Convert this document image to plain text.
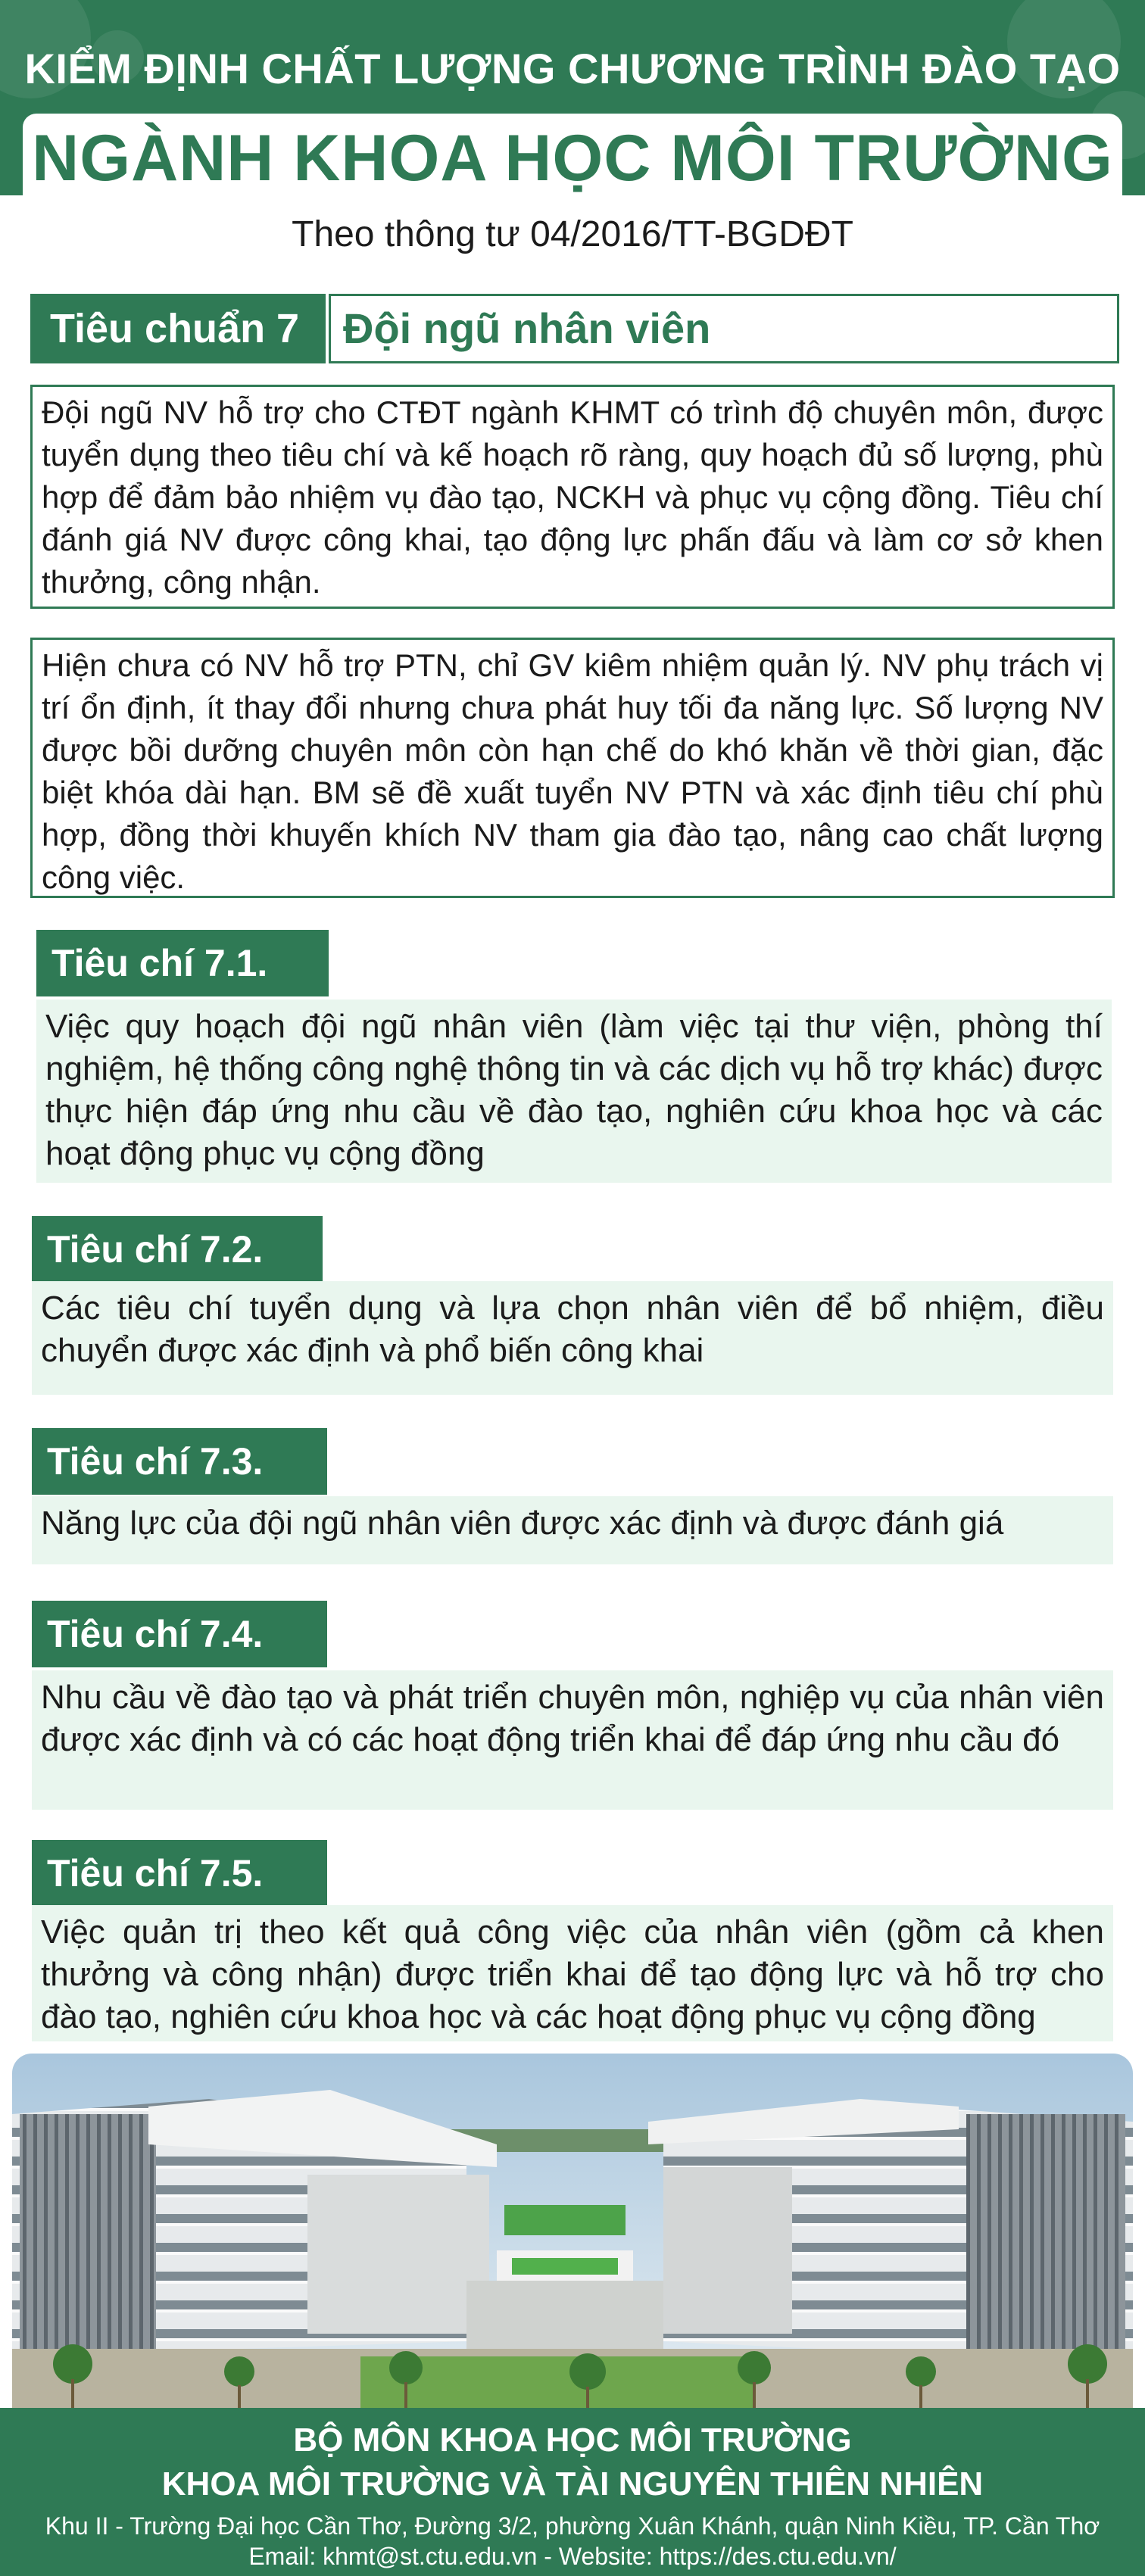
KIỂM ĐỊNH CHẤT LƯỢNG CHƯƠNG TRÌNH ĐÀO TẠO
NGÀNH KHOA HỌC MÔI TRƯỜNG
Theo thông tư 04/2016/TT-BGDĐT
Tiêu chuẩn 7	Đội ngũ nhân viên
Đội ngũ NV hỗ trợ cho CTĐT ngành KHMT có trình độ chuyên môn, được tuyển dụng theo tiêu chí và kế hoạch rõ ràng, quy hoạch đủ số lượng, phù hợp để đảm bảo nhiệm vụ đào tạo, NCKH và phục vụ cộng đồng. Tiêu chí đánh giá NV được công khai, tạo động lực phấn đấu và làm cơ sở khen thưởng, công nhận.
Hiện chưa có NV hỗ trợ PTN, chỉ GV kiêm nhiệm quản lý. NV phụ trách vị trí ổn định, ít thay đổi nhưng chưa phát huy tối đa năng lực. Số lượng NV được bồi dưỡng chuyên môn còn hạn chế do khó khăn về thời gian, đặc biệt khóa dài hạn. BM sẽ đề xuất tuyển NV PTN và xác định tiêu chí phù hợp, đồng thời khuyến khích NV tham gia đào tạo, nâng cao chất lượng công việc.
Tiêu chí 7.1.
Việc quy hoạch đội ngũ nhân viên (làm việc tại thư viện, phòng thí nghiệm, hệ thống công nghệ thông tin và các dịch vụ hỗ trợ khác) được thực hiện đáp ứng nhu cầu về đào tạo, nghiên cứu khoa học và các hoạt động phục vụ cộng đồng
Tiêu chí 7.2.
Các tiêu chí tuyển dụng và lựa chọn nhân viên để bổ nhiệm, điều chuyển được xác định và phổ biến công khai
Tiêu chí 7.3.
Năng lực của đội ngũ nhân viên được xác định và được đánh giá
Tiêu chí 7.4.
Nhu cầu về đào tạo và phát triển chuyên môn, nghiệp vụ của nhân viên được xác định và có các hoạt động triển khai để đáp ứng nhu cầu đó
Tiêu chí 7.5.
Việc quản trị theo kết quả công việc của nhân viên (gồm cả khen thưởng và công nhận) được triển khai để tạo động lực và hỗ trợ cho đào tạo, nghiên cứu khoa học và các hoạt động phục vụ cộng đồng
BỘ MÔN KHOA HỌC MÔI TRƯỜNG
KHOA MÔI TRƯỜNG VÀ TÀI NGUYÊN THIÊN NHIÊN
Khu II - Trường Đại học Cần Thơ, Đường 3/2, phường Xuân Khánh, quận Ninh Kiều, TP. Cần Thơ
Email: khmt@st.ctu.edu.vn - Website: https://des.ctu.edu.vn/
